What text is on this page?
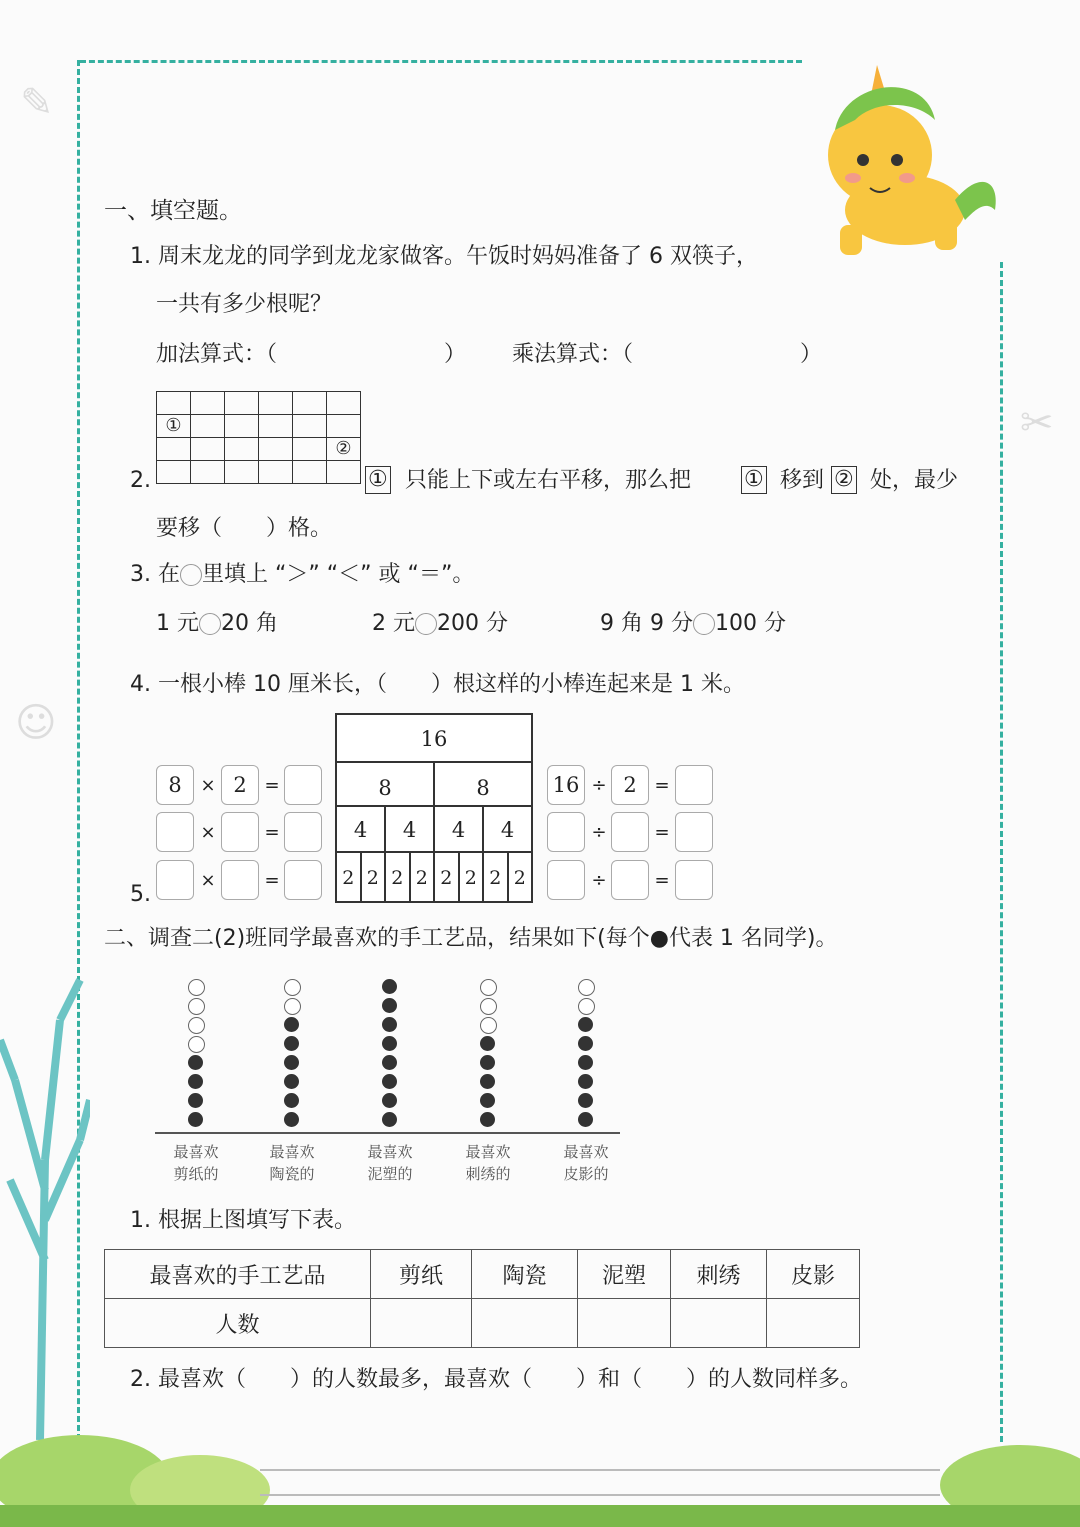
✎
✂
☺
一、填空题。
1. 周末龙龙的同学到龙龙家做客。午饭时妈妈准备了 6 双筷子，
一共有多少根呢？
加法算式：（	） 乘法算式：（	）

①					
					②

2.	① 只能上下或左右平移，那么把 ① 移到 ② 处，最少
要移（　　）格。
3. 在 里填上 “＞” “＜” 或 “＝”。
1 元 20 角	2 元 200 分	9 角 9 分 100 分
4. 一根小棒 10 厘米长，（　　）根这样的小棒连起来是 1 米。
5.
8	× 2 =
×	=
×	=
16
8	8
4	4	4	4
2 2 2 2 2 2 2 2
16 ÷ 2 =
÷	=
÷	=
二、调查二(2)班同学最喜欢的手工艺品，结果如下(每个●代表 1 名同学)。
最喜欢
剪纸的
最喜欢
陶瓷的
最喜欢
泥塑的
最喜欢
刺绣的
最喜欢
皮影的
1. 根据上图填写下表。
最喜欢的手工艺品	剪纸	陶瓷	泥塑	刺绣	皮影
人数					
2. 最喜欢（　　）的人数最多，最喜欢（　　）和（　　）的人数同样多。
